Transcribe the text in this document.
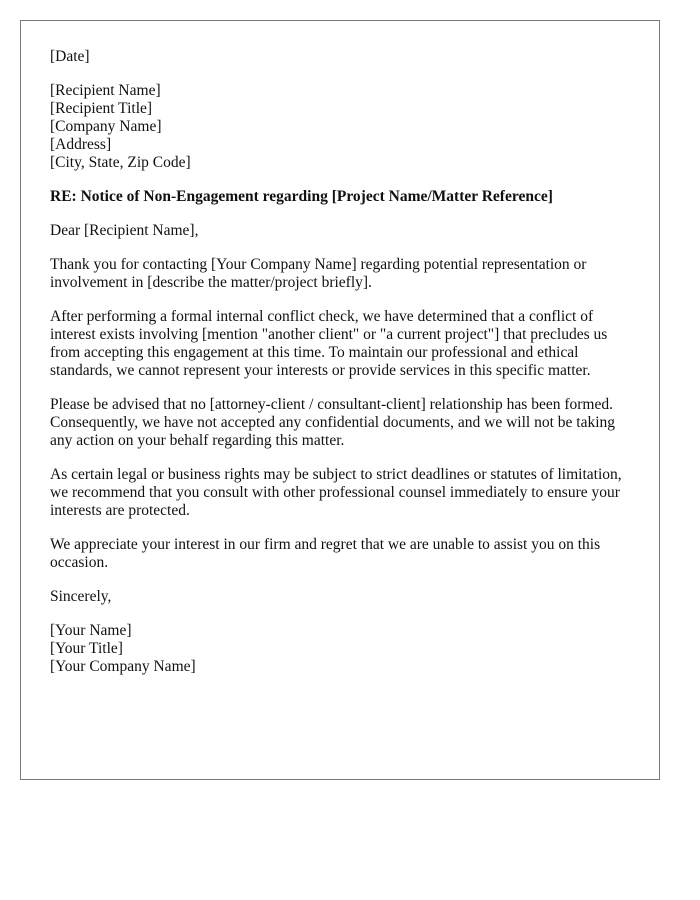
[Date]
[Recipient Name]
[Recipient Title]
[Company Name]
[Address]
[City, State, Zip Code]
RE: Notice of Non-Engagement regarding [Project Name/Matter Reference]
Dear [Recipient Name],
Thank you for contacting [Your Company Name] regarding potential representation or involvement in [describe the matter/project briefly].
After performing a formal internal conflict check, we have determined that a conflict of interest exists involving [mention "another client" or "a current project"] that precludes us from accepting this engagement at this time. To maintain our professional and ethical standards, we cannot represent your interests or provide services in this specific matter.
Please be advised that no [attorney-client / consultant-client] relationship has been formed. Consequently, we have not accepted any confidential documents, and we will not be taking any action on your behalf regarding this matter.
As certain legal or business rights may be subject to strict deadlines or statutes of limitation, we recommend that you consult with other professional counsel immediately to ensure your interests are protected.
We appreciate your interest in our firm and regret that we are unable to assist you on this occasion.
Sincerely,
[Your Name]
[Your Title]
[Your Company Name]
